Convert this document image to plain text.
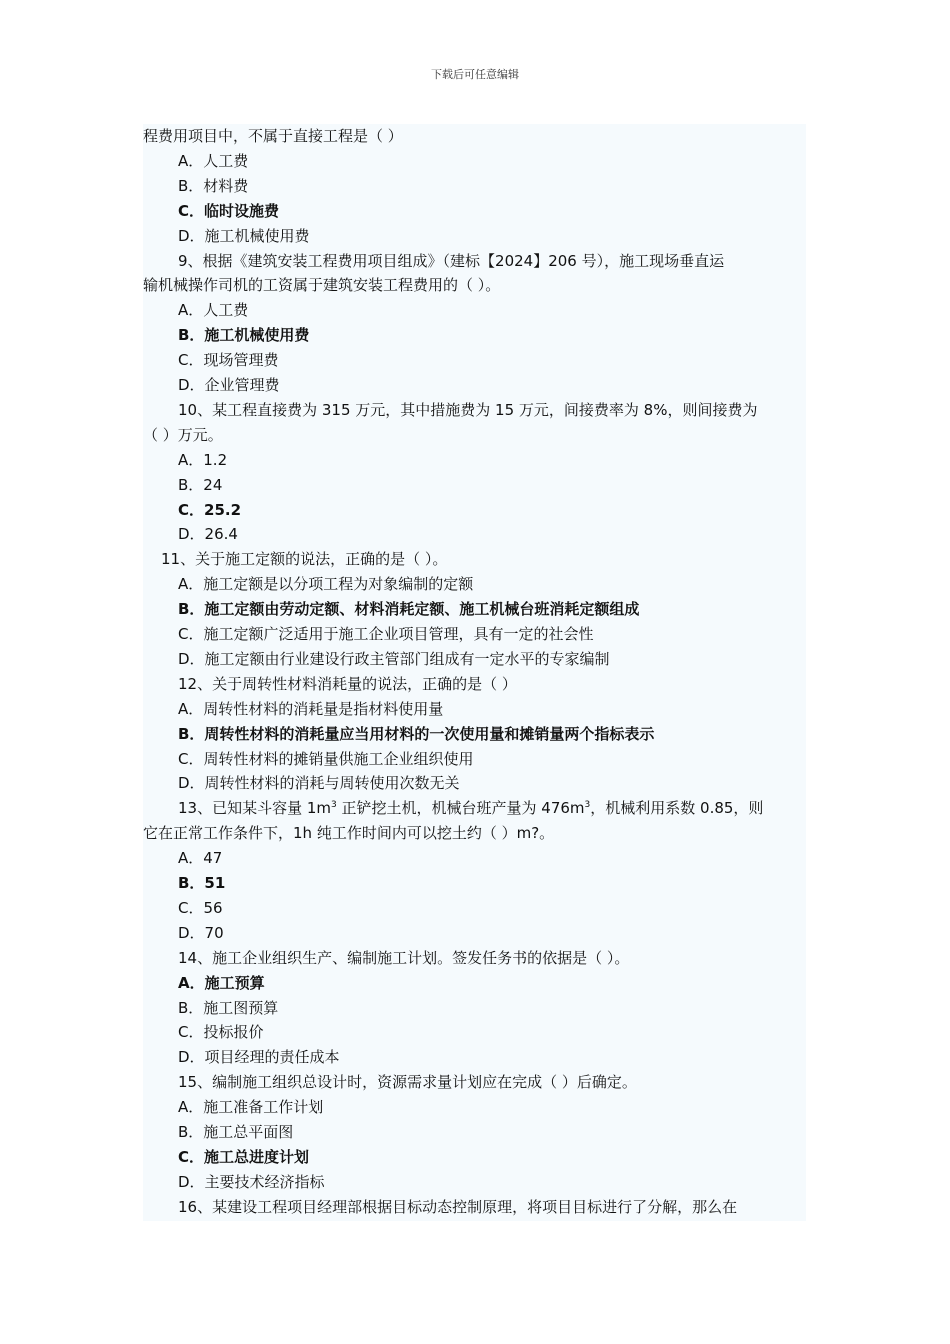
下载后可任意编辑
程费用项目中，不属于直接工程是（ ）
A．人工费
B．材料费
C．临时设施费
D．施工机械使用费
9、根据《建筑安装工程费用项目组成》（建标【2024】206 号），施工现场垂直运
输机械操作司机的工资属于建筑安装工程费用的（ ）。
A．人工费
B．施工机械使用费
C．现场管理费
D．企业管理费
10、某工程直接费为 315 万元，其中措施费为 15 万元，间接费率为 8%，则间接费为
（ ）万元。
A．1.2
B．24
C．25.2
D．26.4
11、关于施工定额的说法，正确的是（ ）。
A．施工定额是以分项工程为对象编制的定额
B．施工定额由劳动定额、材料消耗定额、施工机械台班消耗定额组成
C．施工定额广泛适用于施工企业项目管理，具有一定的社会性
D．施工定额由行业建设行政主管部门组成有一定水平的专家编制
12、关于周转性材料消耗量的说法，正确的是（ ）
A．周转性材料的消耗量是指材料使用量
B．周转性材料的消耗量应当用材料的一次使用量和摊销量两个指标表示
C．周转性材料的摊销量供施工企业组织使用
D．周转性材料的消耗与周转使用次数无关
13、已知某斗容量 $1m^3$ 正铲挖土机，机械台班产量为 $476m^3$，机械利用系数 0.85，则
它在正常工作条件下，1h 纯工作时间内可以挖土约（ ）m?。
A．47
B．51
C．56
D．70
14、施工企业组织生产、编制施工计划。签发任务书的依据是（ ）。
A．施工预算
B．施工图预算
C．投标报价
D．项目经理的责任成本
15、编制施工组织总设计时，资源需求量计划应在完成（ ）后确定。
A．施工准备工作计划
B．施工总平面图
C．施工总进度计划
D．主要技术经济指标
16、某建设工程项目经理部根据目标动态控制原理，将项目目标进行了分解，那么在
